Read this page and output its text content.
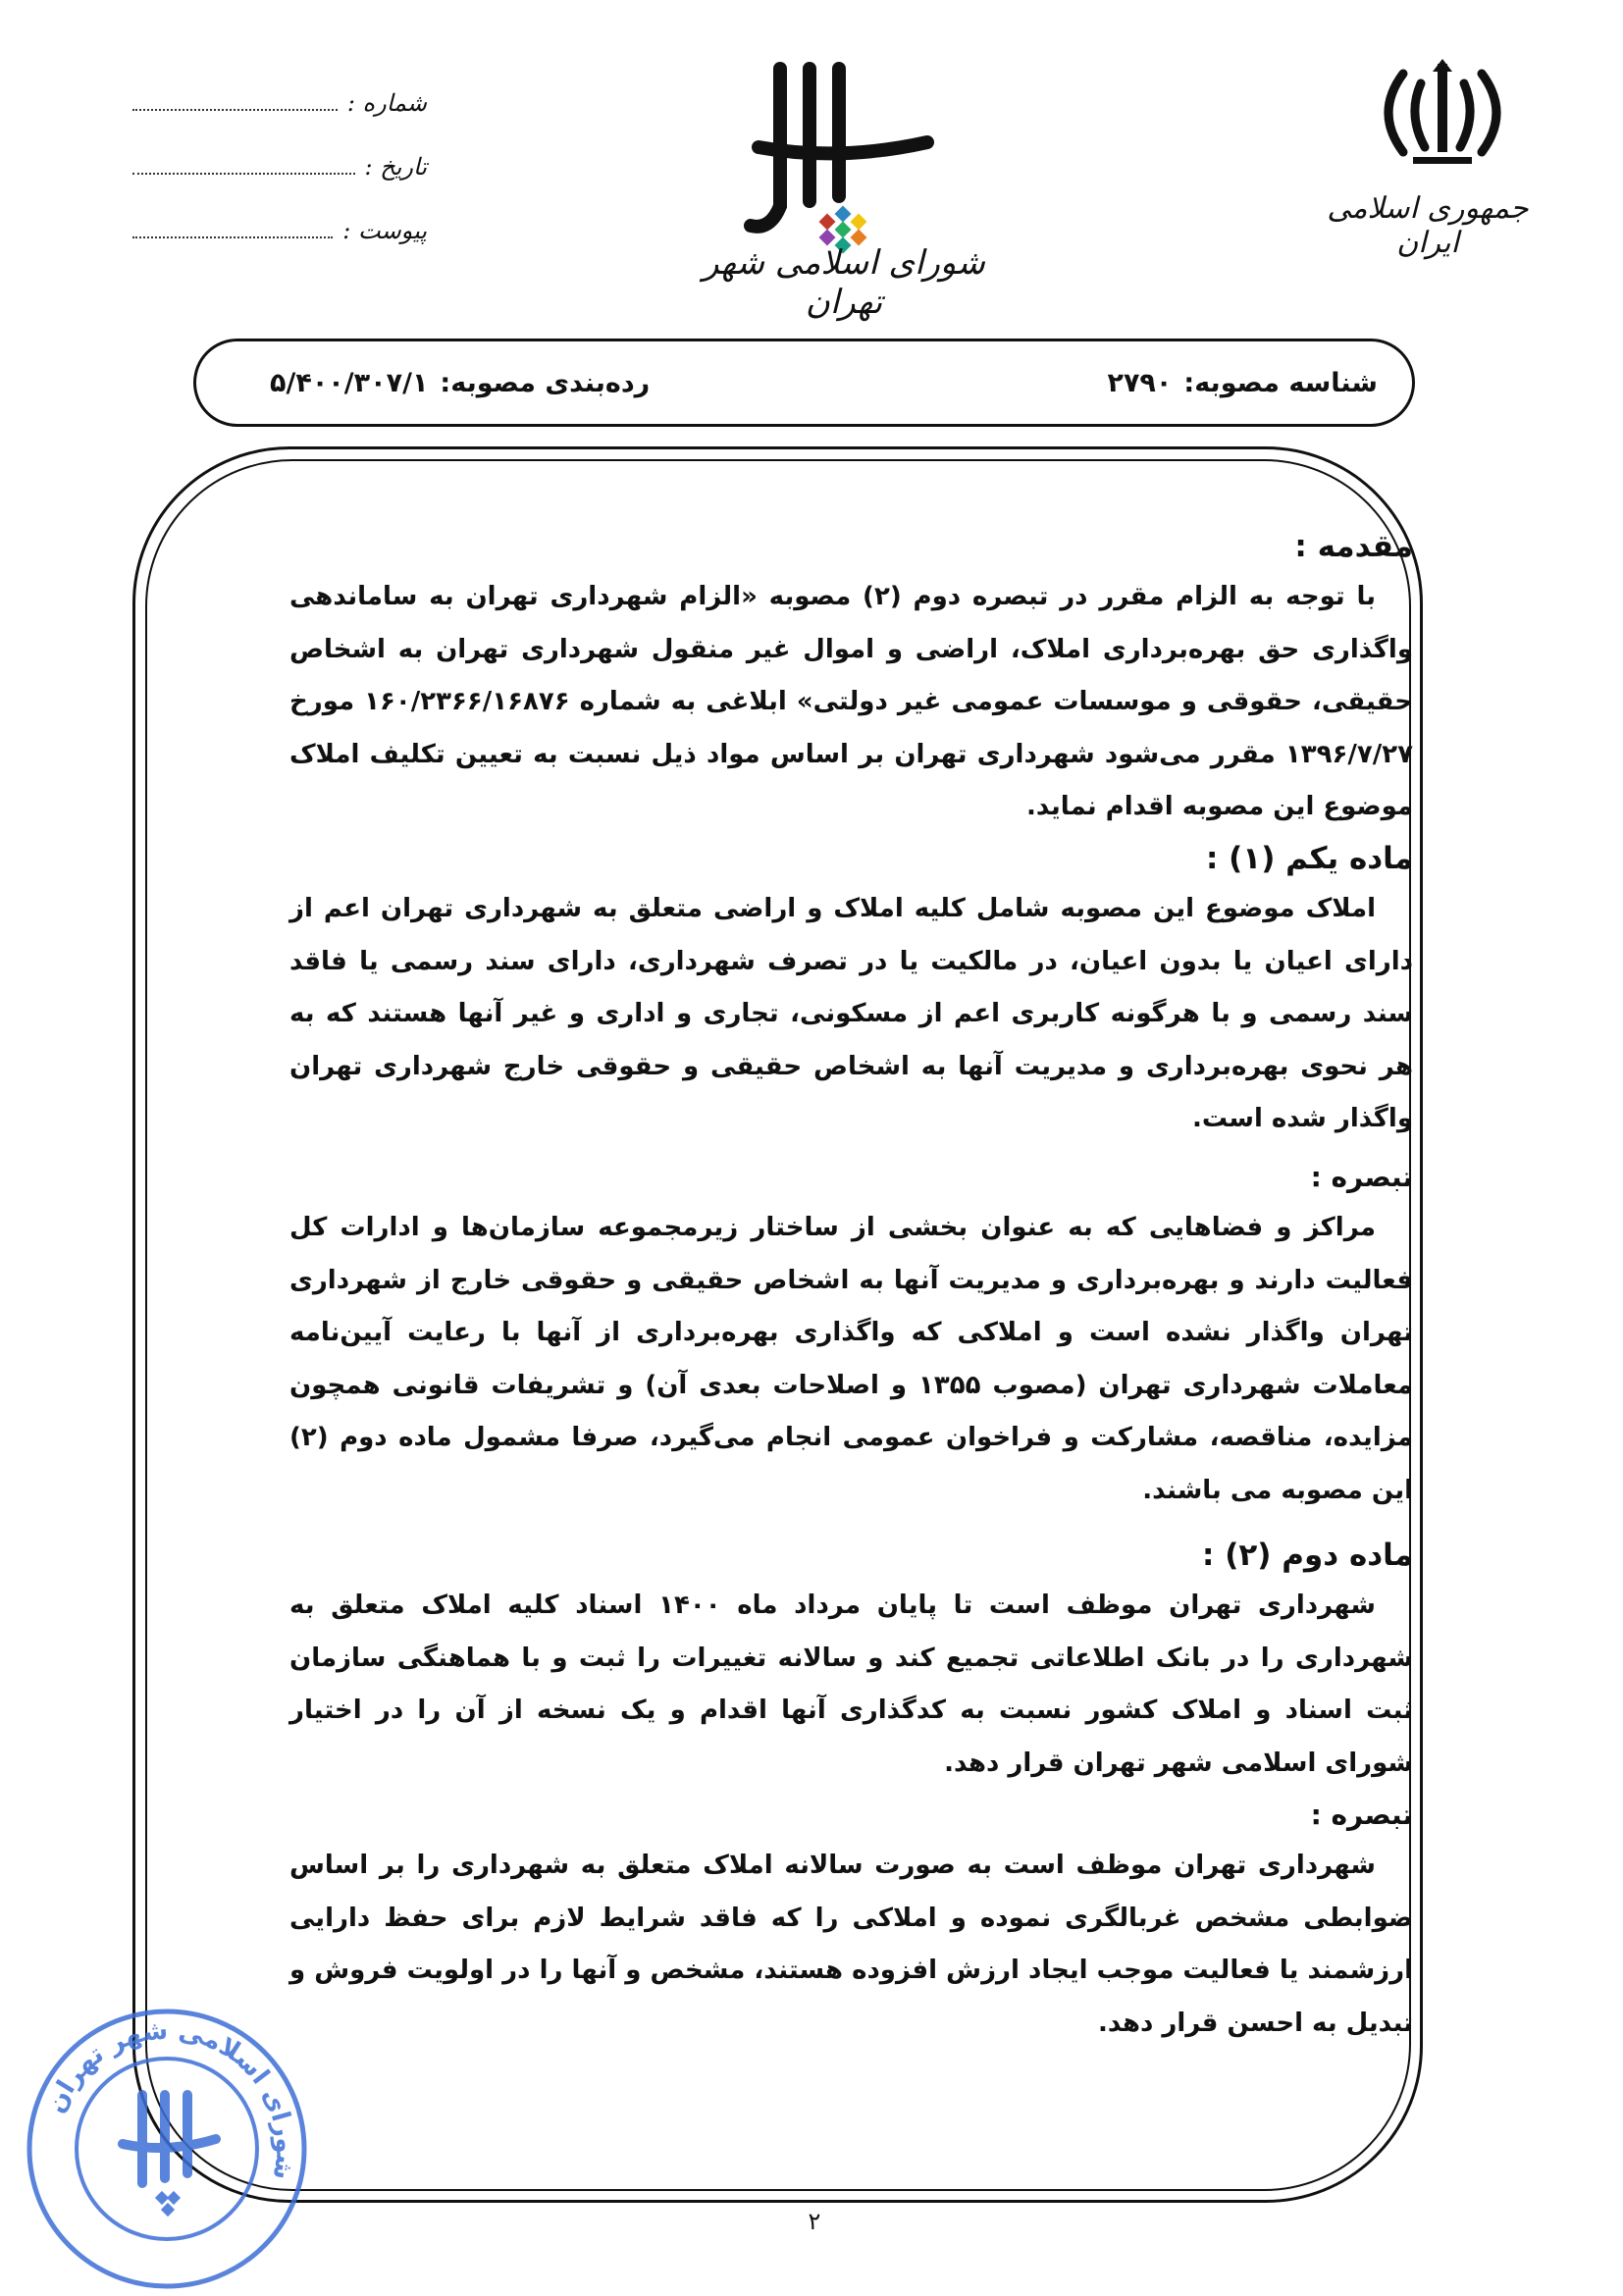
جمهوری اسلامی ایران
شورای اسلامی شهر تهران
شماره :
تاریخ :
پیوست :
شناسه مصوبه:
۲۷۹۰
رده‌بندی مصوبه:
۵/۴۰۰/۳۰۷/۱
مقدمه :

با توجه به الزام مقرر در تبصره دوم (۲) مصوبه «الزام شهرداری تهران به ساماندهی واگذاری حق بهره‌برداری املاک، اراضی و اموال غیر منقول شهرداری تهران به اشخاص حقیقی، حقوقی و موسسات عمومی غیر دولتی» ابلاغی به شماره ۱۶۰/۲۳۶۶/۱۶۸۷۶ مورخ ۱۳۹۶/۷/۲۷ مقرر می‌شود شهرداری تهران بر اساس مواد ذیل نسبت به تعیین تکلیف املاک موضوع این مصوبه اقدام نماید.

ماده یکم (۱) :

املاک موضوع این مصوبه شامل کلیه املاک و اراضی متعلق به شهرداری تهران اعم از دارای اعیان یا بدون اعیان، در مالکیت یا در تصرف شهرداری، دارای سند رسمی یا فاقد سند رسمی و با هرگونه کاربری اعم از مسکونی، تجاری و اداری و غیر آنها هستند که به هر نحوی بهره‌برداری و مدیریت آنها به اشخاص حقیقی و حقوقی خارج شهرداری تهران واگذار شده است.

تبصره :

مراکز و فضاهایی که به عنوان بخشی از ساختار زیرمجموعه سازمان‌ها و ادارات کل فعالیت دارند و بهره‌برداری و مدیریت آنها به اشخاص حقیقی و حقوقی خارج از شهرداری تهران واگذار نشده است و املاکی که واگذاری بهره‌برداری از آنها با رعایت آیین‌نامه معاملات شهرداری تهران (مصوب ۱۳۵۵ و اصلاحات بعدی آن) و تشریفات قانونی همچون مزایده، مناقصه، مشارکت و فراخوان عمومی انجام می‌گیرد، صرفا مشمول ماده دوم (۲) این مصوبه می باشند.

ماده دوم (۲) :

شهرداری تهران موظف است تا پایان مرداد ماه ۱۴۰۰ اسناد کلیه املاک متعلق به شهرداری را در بانک اطلاعاتی تجمیع کند و سالانه تغییرات را ثبت و با هماهنگی سازمان ثبت اسناد و املاک کشور نسبت به کدگذاری آنها اقدام و یک نسخه از آن را در اختیار شورای اسلامی شهر تهران قرار دهد.

تبصره :

شهرداری تهران موظف است به صورت سالانه املاک متعلق به شهرداری را بر اساس ضوابطی مشخص غربالگری نموده و املاکی را که فاقد شرایط لازم برای حفظ دارایی ارزشمند یا فعالیت موجب ایجاد ارزش افزوده هستند، مشخص و آنها را در اولویت فروش و تبدیل به احسن قرار دهد.

۲
شورای اسلامی شهر تهران
